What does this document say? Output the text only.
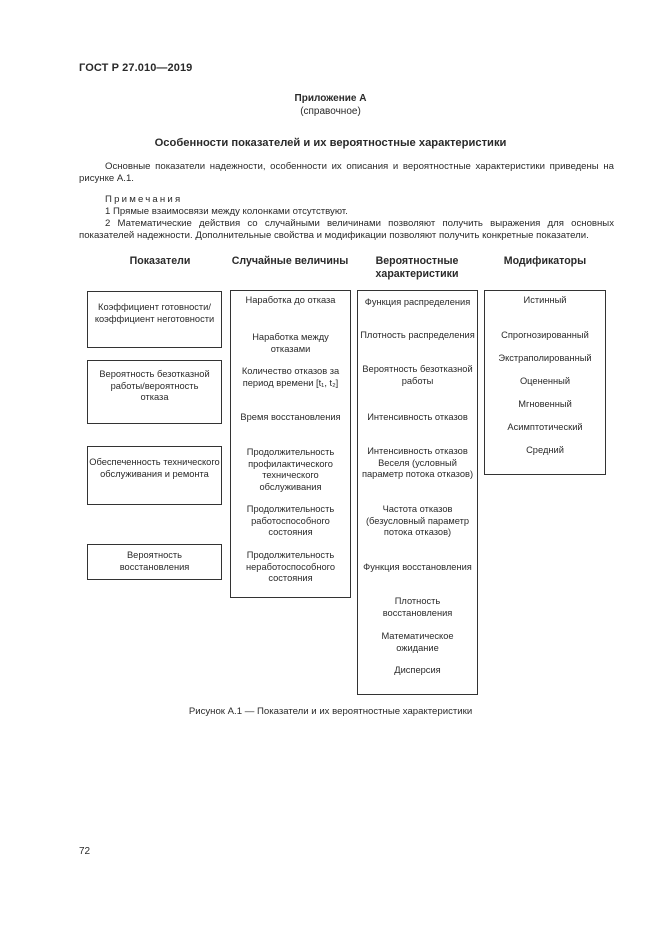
ГОСТ Р 27.010—2019
Приложение А
(справочное)
Особенности показателей и их вероятностные характеристики
Основные показатели надежности, особенности их описания и вероятностные характеристики приведены на рисунке А.1.
Примечания
1 Прямые взаимосвязи между колонками отсутствуют.
2 Математические действия со случайными величинами позволяют получить выражения для основных показателей надежности. Дополнительные свойства и модификации позволяют получить конкретные показатели.
Показатели	Случайные величины	Вероятностные характеристики
Модификаторы
Коэффициент готовности/ коэффициент неготовности
Вероятность безотказной работы/вероятность отказа
Обеспеченность технического обслуживания и ремонта
Вероятность восстановления
Наработка до отказа
Наработка между отказами
Количество отказов за период времени [t₁, t₂]
Время восстановления
Продолжительность профилактического технического обслуживания
Продолжительность работоспособного состояния
Продолжительность неработоспособного состояния
Функция распределения
Плотность распределения
Вероятность безотказной работы
Интенсивность отказов
Интенсивность отказов Веселя (условный параметр потока отказов)
Частота отказов (безусловный параметр потока отказов)
Функция восстановления
Плотность восстановления
Математическое ожидание
Дисперсия
Истинный
Спрогнозированный
Экстраполированный
Оцененный
Мгновенный
Асимптотический
Средний
Рисунок А.1 — Показатели и их вероятностные характеристики
72
